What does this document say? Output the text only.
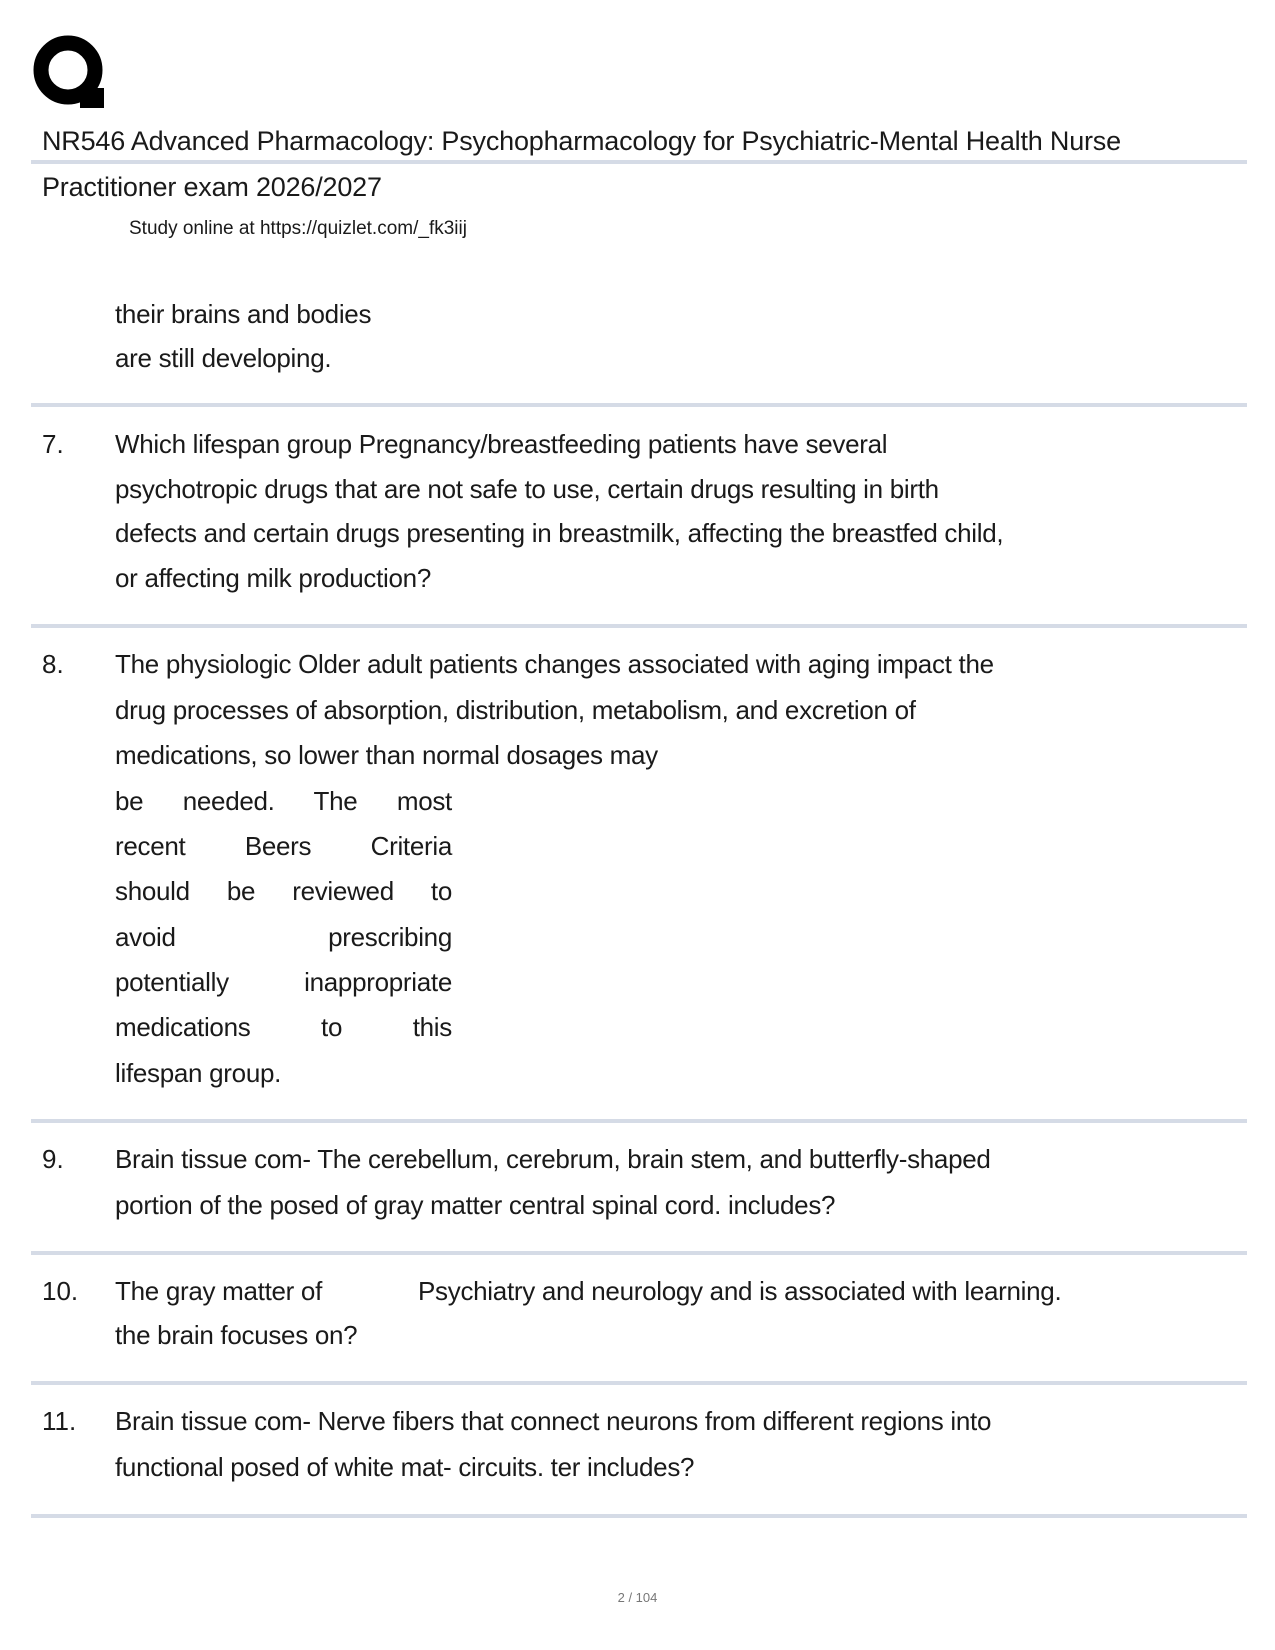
NR546 Advanced Pharmacology: Psychopharmacology for Psychiatric-Mental Health Nurse
Practitioner exam 2026/2027
Study online at https://quizlet.com/_fk3iij
their brains and bodies
are still developing.
7. Which lifespan group Pregnancy/breastfeeding patients have several
psychotropic drugs that are not safe to use, certain drugs resulting in birth
defects and certain drugs presenting in breastmilk, affecting the breastfed child,
or affecting milk production?
8. The physiologic Older adult patients changes associated with aging impact the
drug processes of absorption, distribution, metabolism, and excretion of
medications, so lower than normal dosages may
be needed. The most
recent Beers Criteria
should be reviewed to
avoid prescribing
potentially inappropriate
medications to this
lifespan group.
9. Brain tissue com- The cerebellum, cerebrum, brain stem, and butterfly-shaped
portion of the posed of gray matter central spinal cord. includes?
10. The gray matter of
the brain focuses on?
Psychiatry and neurology and is associated with learning.
11. Brain tissue com- Nerve fibers that connect neurons from different regions into
functional posed of white mat- circuits. ter includes?
2 / 104
